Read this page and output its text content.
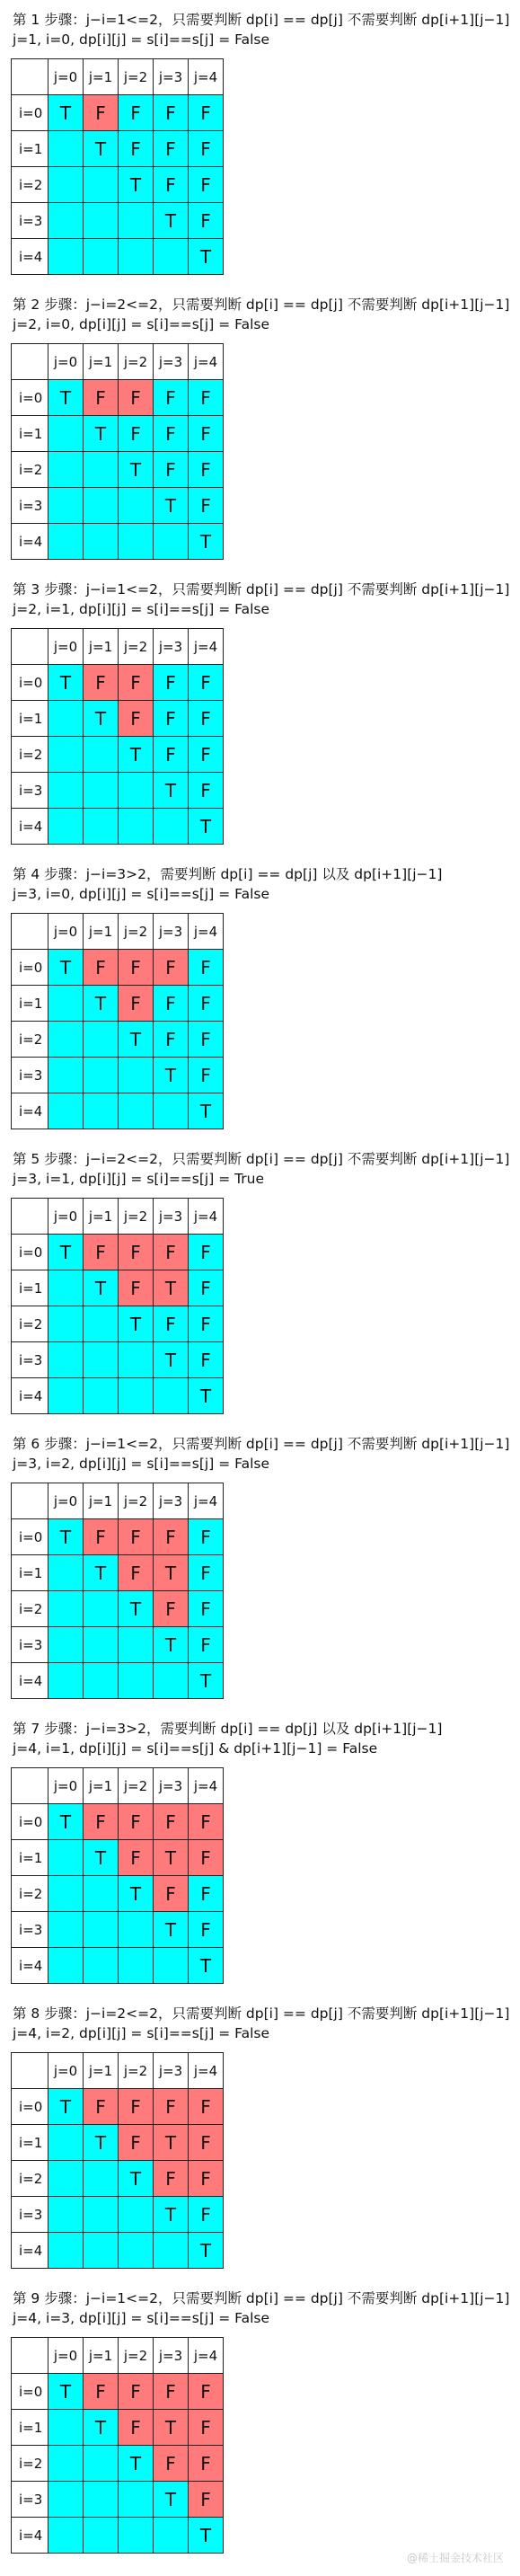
第 1 步骤：j−i=1<=2，只需要判断 dp[i] == dp[j] 不需要判断 dp[i+1][j−1]
j=1, i=0, dp[i][j] = s[i]==s[j] = False
	j=0	j=1	j=2	j=3	j=4
i=0	T	F	F	F	F
i=1		T	F	F	F
i=2			T	F	F
i=3				T	F
i=4					T
第 2 步骤：j−i=2<=2，只需要判断 dp[i] == dp[j] 不需要判断 dp[i+1][j−1]
j=2, i=0, dp[i][j] = s[i]==s[j] = False
	j=0	j=1	j=2	j=3	j=4
i=0	T	F	F	F	F
i=1		T	F	F	F
i=2			T	F	F
i=3				T	F
i=4					T
第 3 步骤：j−i=1<=2，只需要判断 dp[i] == dp[j] 不需要判断 dp[i+1][j−1]
j=2, i=1, dp[i][j] = s[i]==s[j] = False
	j=0	j=1	j=2	j=3	j=4
i=0	T	F	F	F	F
i=1		T	F	F	F
i=2			T	F	F
i=3				T	F
i=4					T
第 4 步骤：j−i=3>2，需要判断 dp[i] == dp[j] 以及 dp[i+1][j−1]
j=3, i=0, dp[i][j] = s[i]==s[j] = False
	j=0	j=1	j=2	j=3	j=4
i=0	T	F	F	F	F
i=1		T	F	F	F
i=2			T	F	F
i=3				T	F
i=4					T
第 5 步骤：j−i=2<=2，只需要判断 dp[i] == dp[j] 不需要判断 dp[i+1][j−1]
j=3, i=1, dp[i][j] = s[i]==s[j] = True
	j=0	j=1	j=2	j=3	j=4
i=0	T	F	F	F	F
i=1		T	F	T	F
i=2			T	F	F
i=3				T	F
i=4					T
第 6 步骤：j−i=1<=2，只需要判断 dp[i] == dp[j] 不需要判断 dp[i+1][j−1]
j=3, i=2, dp[i][j] = s[i]==s[j] = False
	j=0	j=1	j=2	j=3	j=4
i=0	T	F	F	F	F
i=1		T	F	T	F
i=2			T	F	F
i=3				T	F
i=4					T
第 7 步骤：j−i=3>2，需要判断 dp[i] == dp[j] 以及 dp[i+1][j−1]
j=4, i=1, dp[i][j] = s[i]==s[j] & dp[i+1][j−1] = False
	j=0	j=1	j=2	j=3	j=4
i=0	T	F	F	F	F
i=1		T	F	T	F
i=2			T	F	F
i=3				T	F
i=4					T
第 8 步骤：j−i=2<=2，只需要判断 dp[i] == dp[j] 不需要判断 dp[i+1][j−1]
j=4, i=2, dp[i][j] = s[i]==s[j] = False
	j=0	j=1	j=2	j=3	j=4
i=0	T	F	F	F	F
i=1		T	F	T	F
i=2			T	F	F
i=3				T	F
i=4					T
第 9 步骤：j−i=1<=2，只需要判断 dp[i] == dp[j] 不需要判断 dp[i+1][j−1]
j=4, i=3, dp[i][j] = s[i]==s[j] = False
	j=0	j=1	j=2	j=3	j=4
i=0	T	F	F	F	F
i=1		T	F	T	F
i=2			T	F	F
i=3				T	F
i=4					T
@稀土掘金技术社区
